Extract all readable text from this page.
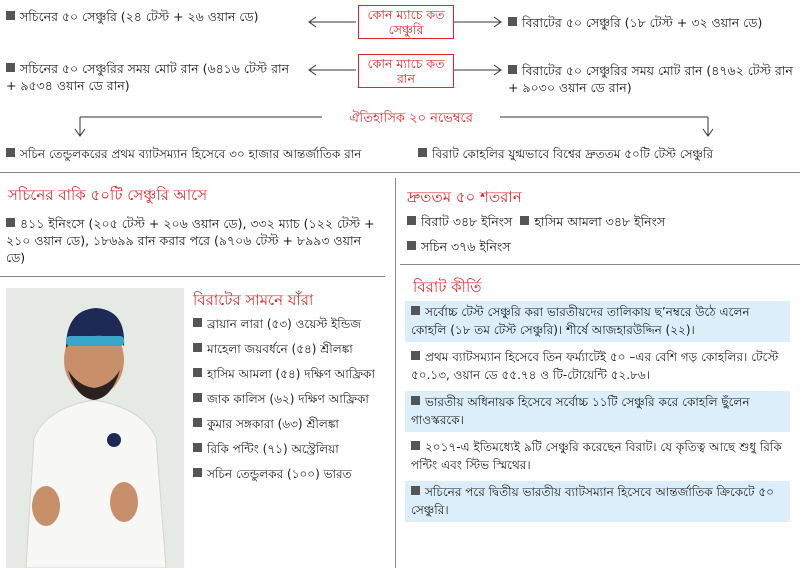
সচিনের ৫০ সেঞ্চুরি (২৪ টেস্ট + ২৬ ওয়ান ডে)	কোন ম্যাচে কত সেঞ্চুরি	বিরাটের ৫০ সেঞ্চুরি (১৮ টেস্ট + ৩২ ওয়ান ডে)
সচিনের ৫০ সেঞ্চুরির সময় মোট রান (৬৪১৬ টেস্ট রান + ৯৫৩৪ ওয়ান ডে রান)
কোন ম্যাচে কত রান
বিরাটের ৫০ সেঞ্চুরির সময় মোট রান (৪৭৬২ টেস্ট রান + ৯০৩০ ওয়ান ডে রান)
ঐতিহাসিক ২০ নভেম্বরে
সচিন তেন্ডুলকরের প্রথম ব্যাটসম্যান হিসেবে ৩০ হাজার আন্তর্জাতিক রান	বিরাট কোহলির যুগ্মভাবে বিশ্বের দ্রুততম ৫০টি টেস্ট সেঞ্চুরি
সচিনের বাকি ৫০টি সেঞ্চুরি আসে
৪১১ ইনিংসে (২০৫ টেস্ট + ২০৬ ওয়ান ডে), ৩৩২ ম্যাচ (১২২ টেস্ট + ২১০ ওয়ান ডে), ১৮৬৯৯ রান করার পরে (৯৭০৬ টেস্ট + ৮৯৯৩ ওয়ান ডে)
বিরাটের সামনে যাঁরা
ব্রায়ান লারা (৫৩) ওয়েস্ট ইন্ডিজ
মাহেলা জয়বর্ধনে (৫৪) শ্রীলঙ্কা
হাসিম আমলা (৫৪) দক্ষিণ আফ্রিকা
জাক কালিস (৬২) দক্ষিণ আফ্রিকা
কুমার সঙ্গকারা (৬৩) শ্রীলঙ্কা
রিকি পন্টিং (৭১) অস্ট্রেলিয়া
সচিন তেন্ডুলকর (১০০) ভারত
দ্রুততম ৫০ শতরান
বিরাট ৩৪৮ ইনিংস হাসিম আমলা ৩৪৮ ইনিংস
সচিন ৩৭৬ ইনিংস
বিরাট কীর্তি
সর্বোচ্চ টেস্ট সেঞ্চুরি করা ভারতীয়দের তালিকায় ছ’নম্বরে উঠে এলেন কোহলি (১৮ তম টেস্ট সেঞ্চুরি)। শীর্ষে আজহারউদ্দিন (২২)।
প্রথম ব্যাটসম্যান হিসেবে তিন ফর্ম্যাটেই ৫০ –এর বেশি গড় কোহলির। টেস্টে ৫০.১৩, ওয়ান ডে ৫৫.৭৪ ও টি-টোয়েন্টি ৫২.৮৬।
ভারতীয় অধিনায়ক হিসেবে সর্বোচ্চ ১১টি সেঞ্চুরি করে কোহলি ছুঁলেন গাওস্করকে।
২০১৭-এ ইতিমধ্যেই ৯টি সেঞ্চুরি করেছেন বিরাট। যে কৃতিত্ব আছে শুধু রিকি পন্টিং এবং স্টিভ স্মিথের।
সচিনের পরে দ্বিতীয় ভারতীয় ব্যাটসম্যান হিসেবে আন্তর্জাতিক ক্রিকেটে ৫০ সেঞ্চুরি।
